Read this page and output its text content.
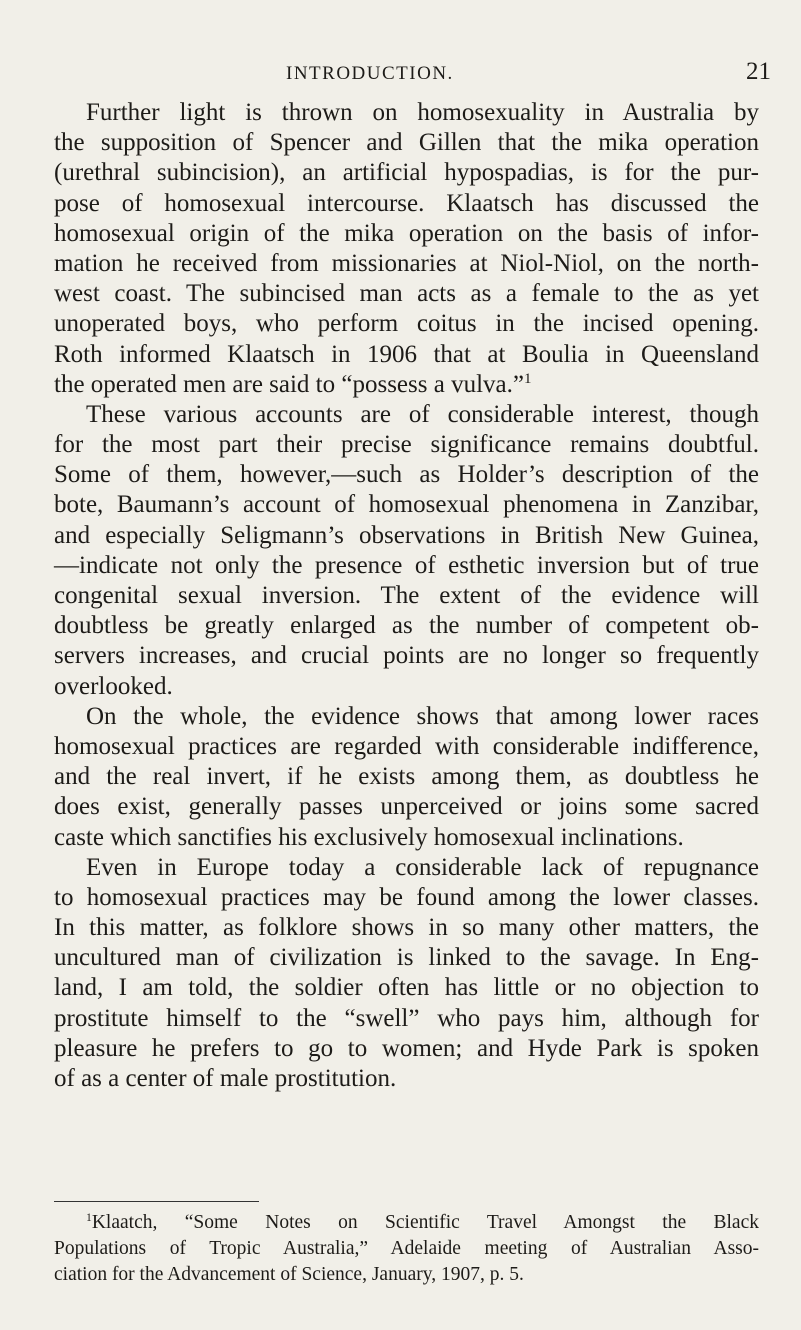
INTRODUCTION.	21
Further light is thrown on homosexuality in Australia by
the supposition of Spencer and Gillen that the mika operation
(urethral subincision), an artificial hypospadias, is for the pur-
pose of homosexual intercourse. Klaatsch has discussed the
homosexual origin of the mika operation on the basis of infor-
mation he received from missionaries at Niol-Niol, on the north-
west coast. The subincised man acts as a female to the as yet
unoperated boys, who perform coitus in the incised opening.
Roth informed Klaatsch in 1906 that at Boulia in Queensland
the operated men are said to “possess a vulva.”$^1$
These various accounts are of considerable interest, though
for the most part their precise significance remains doubtful.
Some of them, however,—such as Holder’s description of the
bote, Baumann’s account of homosexual phenomena in Zanzibar,
and especially Seligmann’s observations in British New Guinea,
—indicate not only the presence of esthetic inversion but of true
congenital sexual inversion. The extent of the evidence will
doubtless be greatly enlarged as the number of competent ob-
servers increases, and crucial points are no longer so frequently
overlooked.
On the whole, the evidence shows that among lower races
homosexual practices are regarded with considerable indifference,
and the real invert, if he exists among them, as doubtless he
does exist, generally passes unperceived or joins some sacred
caste which sanctifies his exclusively homosexual inclinations.
Even in Europe today a considerable lack of repugnance
to homosexual practices may be found among the lower classes.
In this matter, as folklore shows in so many other matters, the
uncultured man of civilization is linked to the savage. In Eng-
land, I am told, the soldier often has little or no objection to
prostitute himself to the “swell” who pays him, although for
pleasure he prefers to go to women; and Hyde Park is spoken
of as a center of male prostitution.
$^1$Klaatch, “Some Notes on Scientific Travel Amongst the Black
Populations of Tropic Australia,” Adelaide meeting of Australian Asso-
ciation for the Advancement of Science, January, 1907, p. 5.
